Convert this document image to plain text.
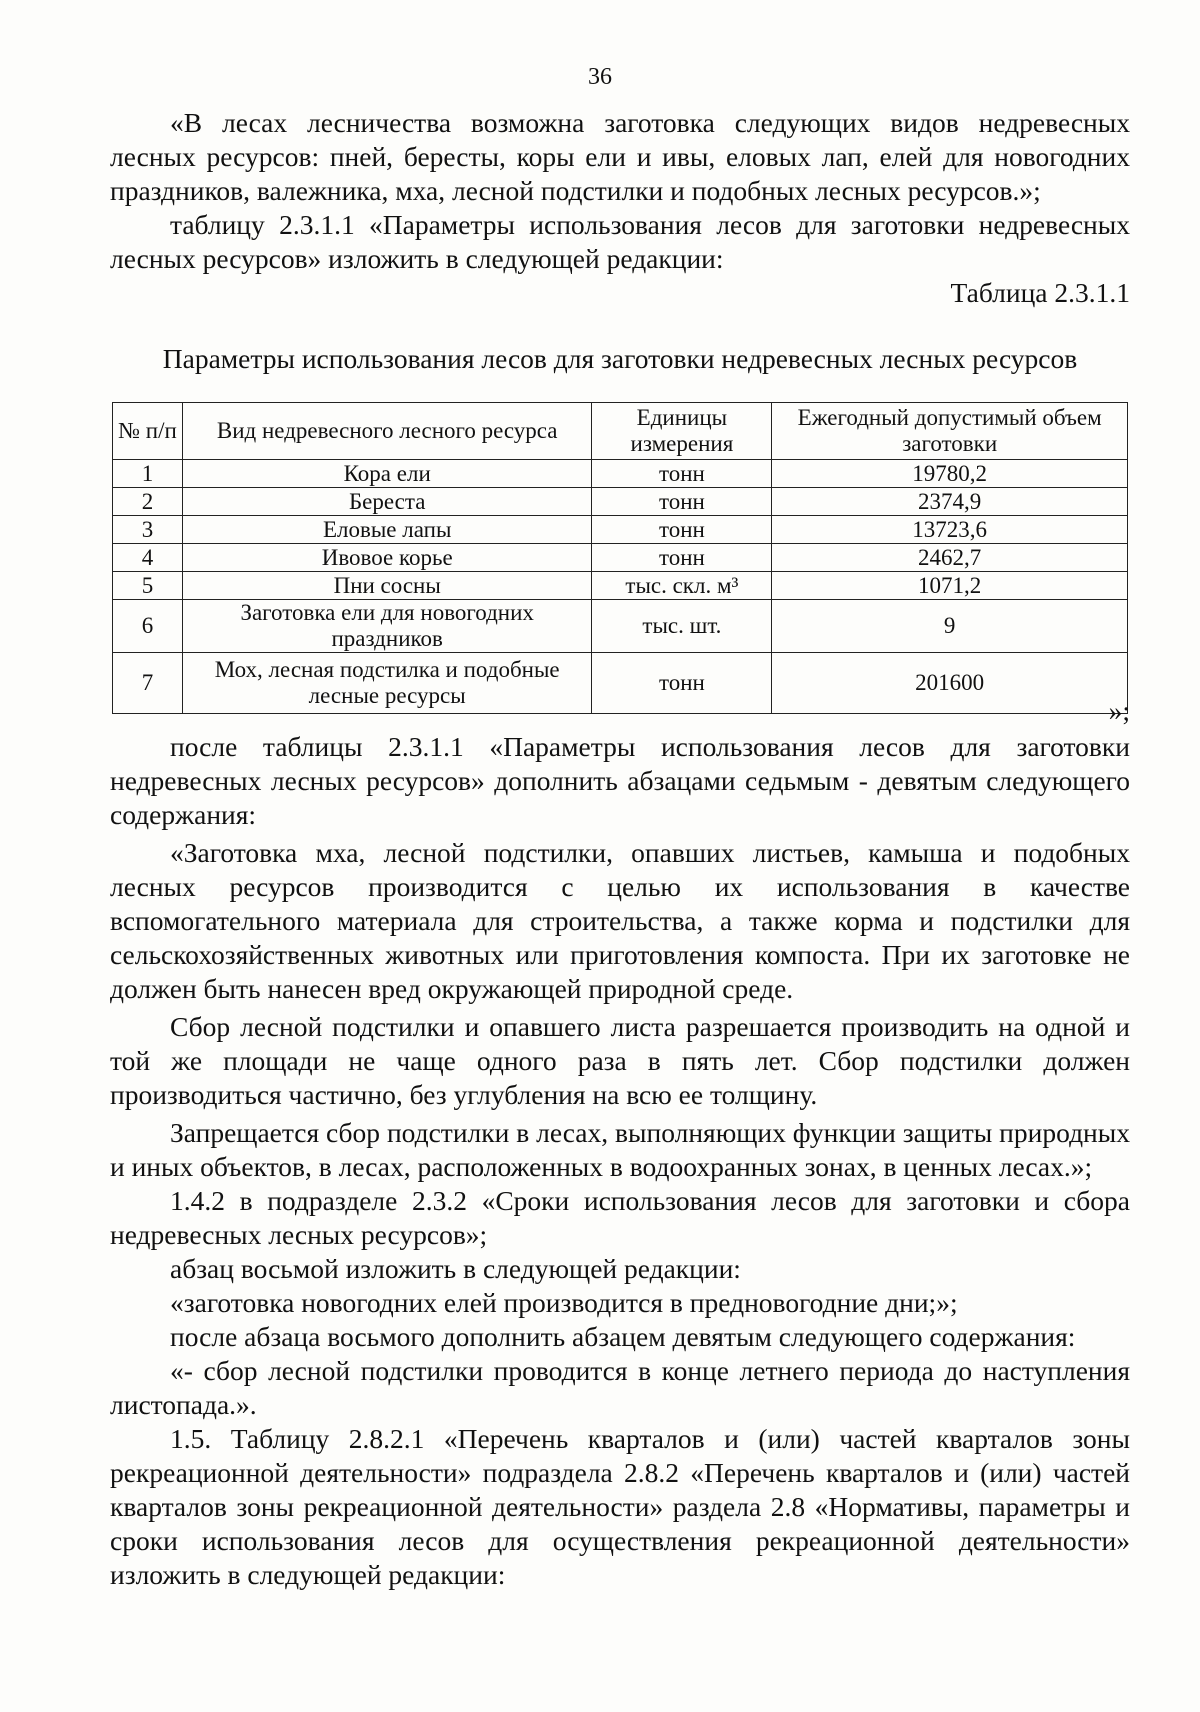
36

«В лесах лесничества возможна заготовка следующих видов недревесных лесных ресурсов: пней, бересты, коры ели и ивы, еловых лап, елей для новогодних праздников, валежника, мха, лесной подстилки и подобных лесных ресурсов.»;

таблицу 2.3.1.1 «Параметры использования лесов для заготовки недревесных лесных ресурсов» изложить в следующей редакции:

Таблица 2.3.1.1

Параметры использования лесов для заготовки недревесных лесных ресурсов
№ п/п	Вид недревесного лесного ресурса	Единицы измерения	Ежегодный допустимый объем заготовки
1	Кора ели	тонн	19780,2
2	Береста	тонн	2374,9
3	Еловые лапы	тонн	13723,6
4	Ивовое корье	тонн	2462,7
5	Пни сосны	тыс. скл. м³	1071,2
6	Заготовка ели для новогодних праздников	тыс. шт.	9
7	Мох, лесная подстилка и подобные лесные ресурсы	тонн	201600
»;

после таблицы 2.3.1.1 «Параметры использования лесов для заготовки недревесных лесных ресурсов» дополнить абзацами седьмым - девятым следующего содержания:

«Заготовка мха, лесной подстилки, опавших листьев, камыша и подобных лесных ресурсов производится с целью их использования в качестве вспомогательного материала для строительства, а также корма и подстилки для сельскохозяйственных животных или приготовления компоста. При их заготовке не должен быть нанесен вред окружающей природной среде.

Сбор лесной подстилки и опавшего листа разрешается производить на одной и той же площади не чаще одного раза в пять лет. Сбор подстилки должен производиться частично, без углубления на всю ее толщину.

Запрещается сбор подстилки в лесах, выполняющих функции защиты природных и иных объектов, в лесах, расположенных в водоохранных зонах, в ценных лесах.»;

1.4.2 в подразделе 2.3.2 «Сроки использования лесов для заготовки и сбора недревесных лесных ресурсов»;

абзац восьмой изложить в следующей редакции:

«заготовка новогодних елей производится в предновогодние дни;»;

после абзаца восьмого дополнить абзацем девятым следующего содержания:

«- сбор лесной подстилки проводится в конце летнего периода до наступления листопада.».

1.5. Таблицу 2.8.2.1 «Перечень кварталов и (или) частей кварталов зоны рекреационной деятельности» подраздела 2.8.2 «Перечень кварталов и (или) частей кварталов зоны рекреационной деятельности» раздела 2.8 «Нормативы, параметры и сроки использования лесов для осуществления рекреационной деятельности» изложить в следующей редакции:
